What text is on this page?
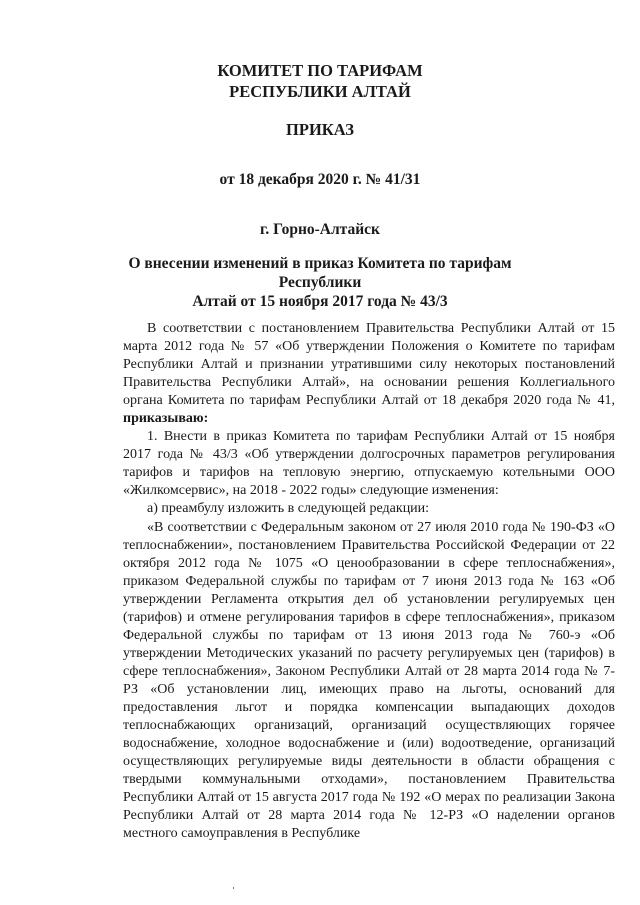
КОМИТЕТ ПО ТАРИФАМ
РЕСПУБЛИКИ АЛТАЙ
ПРИКАЗ
от 18 декабря 2020 г. № 41/31
г. Горно-Алтайск
О внесении изменений в приказ Комитета по тарифам Республики
Алтай от 15 ноября 2017 года № 43/3

В соответствии с постановлением Правительства Республики Алтай от 15 марта 2012 года № 57 «Об утверждении Положения о Комитете по тарифам Республики Алтай и признании утратившими силу некоторых постановлений Правительства Республики Алтай», на основании решения Коллегиального органа Комитета по тарифам Республики Алтай от 18 декабря 2020 года № 41, приказываю:

1. Внести в приказ Комитета по тарифам Республики Алтай от 15 ноября 2017 года № 43/3 «Об утверждении долгосрочных параметров регулирования тарифов и тарифов на тепловую энергию, отпускаемую котельными ООО «Жилкомсервис», на 2018 - 2022 годы» следующие изменения:

а) преамбулу изложить в следующей редакции:

«В соответствии с Федеральным законом от 27 июля 2010 года № 190-ФЗ «О теплоснабжении», постановлением Правительства Российской Федерации от 22 октября 2012 года № 1075 «О ценообразовании в сфере теплоснабжения», приказом Федеральной службы по тарифам от 7 июня 2013 года № 163 «Об утверждении Регламента открытия дел об установлении регулируемых цен (тарифов) и отмене регулирования тарифов в сфере теплоснабжения», приказом Федеральной службы по тарифам от 13 июня 2013 года № 760-э «Об утверждении Методических указаний по расчету регулируемых цен (тарифов) в сфере теплоснабжения», Законом Республики Алтай от 28 марта 2014 года № 7-РЗ «Об установлении лиц, имеющих право на льготы, оснований для предоставления льгот и порядка компенсации выпадающих доходов теплоснабжающих организаций, организаций осуществляющих горячее водоснабжение, холодное водоснабжение и (или) водоотведение, организаций осуществляющих регулируемые виды деятельности в области обращения с твердыми коммунальными отходами», постановлением Правительства Республики Алтай от 15 августа 2017 года № 192 «О мерах по реализации Закона Республики Алтай от 28 марта 2014 года № 12-РЗ «О наделении органов местного самоуправления в Республике
